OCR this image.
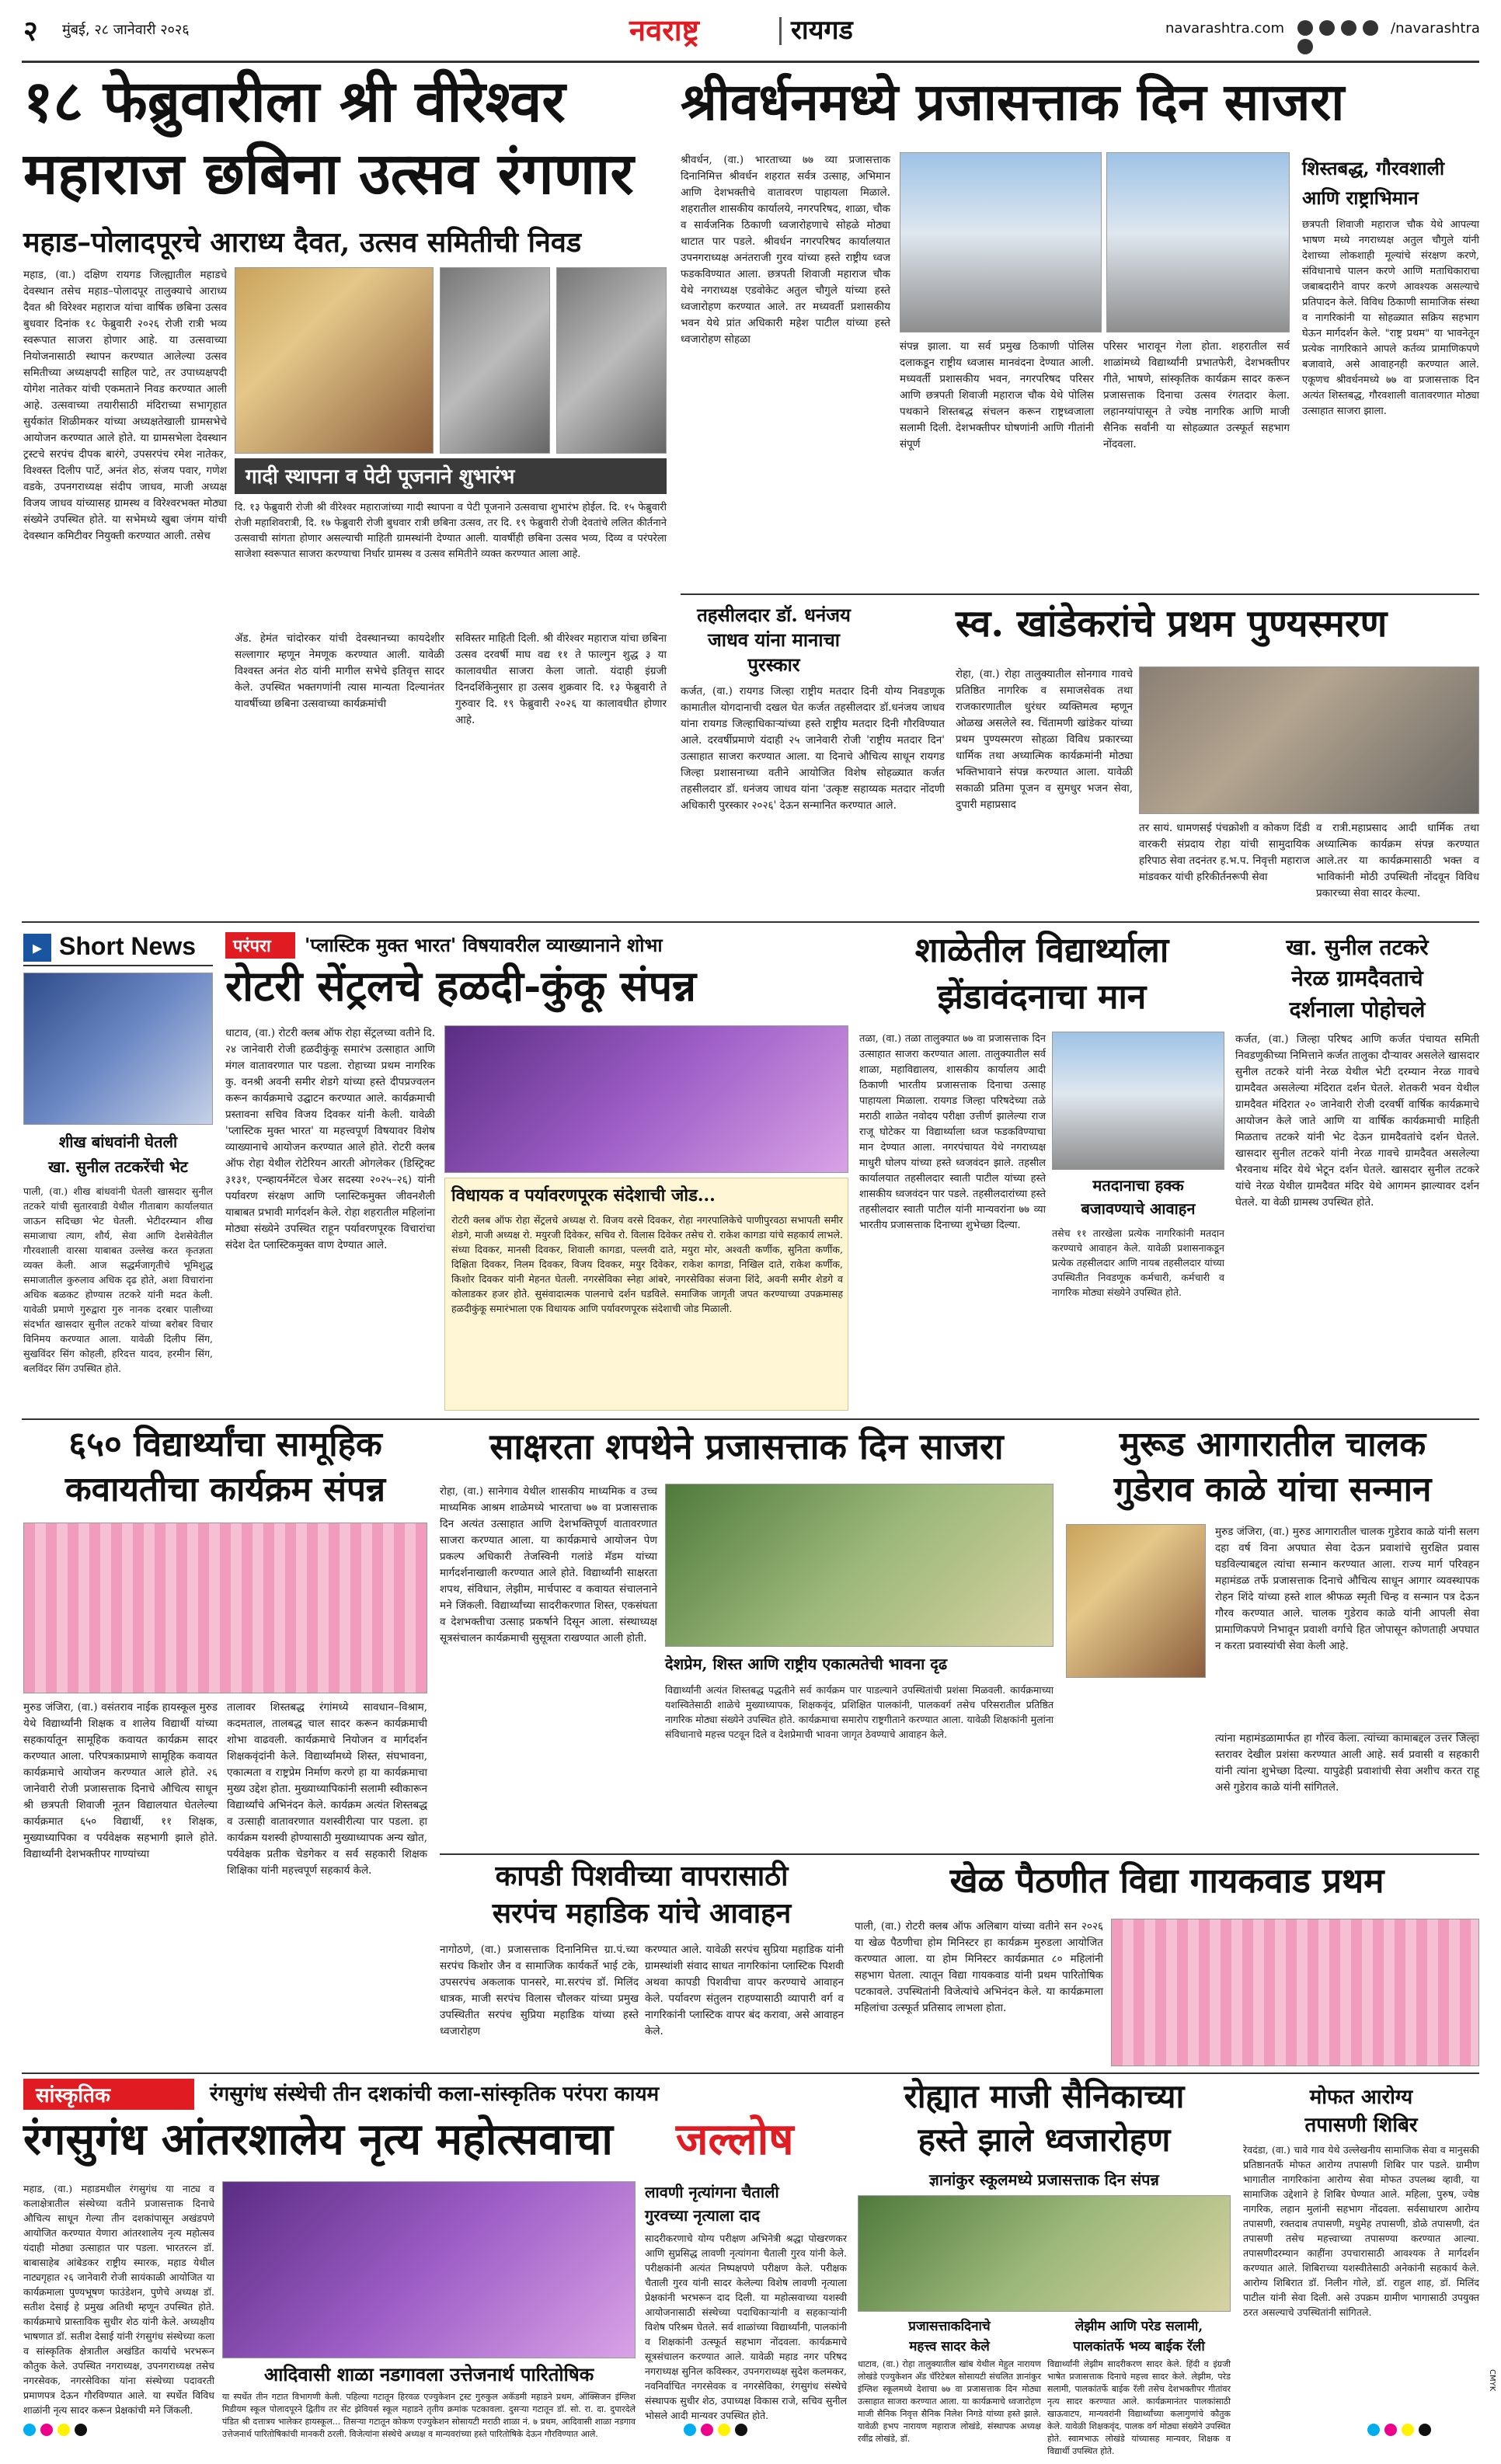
२	मुंबई, २८ जानेवारी २०२६	नवराष्ट्र	रायगड	navarashtra.com
	/navarashtra
१८ फेब्रुवारीला श्री वीरेश्वर
महाराज छबिना उत्सव रंगणार
महाड–पोलादपूरचे आराध्य दैवत, उत्सव समितीची निवड
महाड, (वा.) दक्षिण रायगड जिल्ह्यातील महाडचे देवस्थान तसेच महाड–पोलादपूर तालुक्याचे आराध्य दैवत श्री विरेश्वर महाराज यांचा वार्षिक छबिना उत्सव बुधवार दिनांक १८ फेब्रुवारी २०२६ रोजी रात्री भव्य स्वरूपात साजरा होणार आहे. या उत्सवाच्या नियोजनासाठी स्थापन करण्यात आलेल्या उत्सव समितीच्या अध्यक्षपदी साहिल पाटे, तर उपाध्यक्षपदी योगेश नातेकर यांची एकमताने निवड करण्यात आली आहे. उत्सवाच्या तयारीसाठी मंदिराच्या सभागृहात सुर्यकांत शिळीमकर यांच्या अध्यक्षतेखाली ग्रामसभेचे आयोजन करण्यात आले होते. या ग्रामसभेला देवस्थान ट्रस्टचे सरपंच दीपक बारंगे, उपसरपंच रमेश नातेकर, विश्वस्त दिलीप पार्टे, अनंत शेठ, संजय पवार, गणेश वडके, उपनगराध्यक्ष संदीप जाधव, माजी अध्यक्ष विजय जाधव यांच्यासह ग्रामस्थ व विरेश्वरभक्त मोठ्या संख्येने उपस्थित होते. या सभेमध्ये खुबा जंगम यांची देवस्थान कमिटीवर नियुक्ती करण्यात आली. तसेच
गादी स्थापना व पेटी पूजनाने शुभारंभ
दि. १३ फेब्रुवारी रोजी श्री वीरेश्वर महाराजांच्या गादी स्थापना व पेटी पूजनाने उत्सवाचा शुभारंभ होईल. दि. १५ फेब्रुवारी रोजी महाशिवरात्री, दि. १७ फेब्रुवारी रोजी बुधवार रात्री छबिना उत्सव, तर दि. १९ फेब्रुवारी रोजी देवतांचे ललित कीर्तनाने उत्सवाची सांगता होणार असल्याची माहिती ग्रामस्थांनी देण्यात आली. यावर्षीही छबिना उत्सव भव्य, दिव्य व परंपरेला साजेशा स्वरूपात साजरा करण्याचा निर्धार ग्रामस्थ व उत्सव समितीने व्यक्त करण्यात आला आहे.
ॲड. हेमंत चांदोरकर यांची देवस्थानच्या कायदेशीर सल्लागार म्हणून नेमणूक करण्यात आली. यावेळी विश्वस्त अनंत शेठ यांनी मागील सभेचे इतिवृत्त सादर केले. उपस्थित भक्तगणांनी त्यास मान्यता दिल्यानंतर यावर्षीच्या छबिना उत्सवाच्या कार्यक्रमांची
सविस्तर माहिती दिली. श्री वीरेश्वर महाराज यांचा छबिना उत्सव दरवर्षी माघ वद्य ११ ते फाल्गुन शुद्ध ३ या कालावधीत साजरा केला जातो. यंदाही इंग्रजी दिनदर्शिकेनुसार हा उत्सव शुक्रवार दि. १३ फेब्रुवारी ते गुरुवार दि. १९ फेब्रुवारी २०२६ या कालावधीत होणार आहे.
श्रीवर्धनमध्ये प्रजासत्ताक दिन साजरा
श्रीवर्धन, (वा.) भारताच्या ७७ व्या प्रजासत्ताक दिनानिमित्त श्रीवर्धन शहरात सर्वत्र उत्साह, अभिमान आणि देशभक्तीचे वातावरण पाहायला मिळाले. शहरातील शासकीय कार्यालये, नगरपरिषद, शाळा, चौक व सार्वजनिक ठिकाणी ध्वजारोहणाचे सोहळे मोठ्या थाटात पार पडले. श्रीवर्धन नगरपरिषद कार्यालयात उपनगराध्यक्ष अनंतराजी गुरव यांच्या हस्ते राष्ट्रीय ध्वज फडकविण्यात आला. छत्रपती शिवाजी महाराज चौक येथे नगराध्यक्ष एडवोकेट अतुल चौगुले यांच्या हस्ते ध्वजारोहण करण्यात आले. तर मध्यवर्ती प्रशासकीय भवन येथे प्रांत अधिकारी महेश पाटील यांच्या हस्ते ध्वजारोहण सोहळा
संपन्न झाला. या सर्व प्रमुख ठिकाणी पोलिस दलाकडून राष्ट्रीय ध्वजास मानवंदना देण्यात आली. मध्यवर्ती प्रशासकीय भवन, नगरपरिषद परिसर आणि छत्रपती शिवाजी महाराज चौक येथे पोलिस पथकाने शिस्तबद्ध संचलन करून राष्ट्रध्वजाला सलामी दिली. देशभक्तीपर घोषणांनी आणि गीतांनी संपूर्ण
परिसर भारावून गेला होता. शहरातील सर्व शाळांमध्ये विद्यार्थ्यांनी प्रभातफेरी, देशभक्तीपर गीते, भाषणे, सांस्कृतिक कार्यक्रम सादर करून प्रजासत्ताक दिनाचा उत्सव रंगतदार केला. लहानग्यांपासून ते ज्येष्ठ नागरिक आणि माजी सैनिक सर्वांनी या सोहळ्यात उत्स्फूर्त सहभाग नोंदवला.
शिस्तबद्ध, गौरवशाली
आणि राष्ट्राभिमान
छत्रपती शिवाजी महाराज चौक येथे आपल्या भाषण मध्ये नगराध्यक्ष अतुल चौगुले यांनी देशाच्या लोकशाही मूल्यांचे संरक्षण करणे, संविधानाचे पालन करणे आणि मताधिकाराचा जबाबदारीने वापर करणे आवश्यक असल्याचे प्रतिपादन केले. विविध ठिकाणी सामाजिक संस्था व नागरिकांनी या सोहळ्यात सक्रिय सहभाग घेऊन मार्गदर्शन केले. "राष्ट्र प्रथम" या भावनेतून प्रत्येक नागरिकाने आपले कर्तव्य प्रामाणिकपणे बजावावे, असे आवाहनही करण्यात आले. एकूणच श्रीवर्धनमध्ये ७७ वा प्रजासत्ताक दिन अत्यंत शिस्तबद्ध, गौरवशाली वातावरणात मोठ्या उत्साहात साजरा झाला.
तहसीलदार डॉ. धनंजय जाधव यांना मानाचा पुरस्कार
कर्जत, (वा.) रायगड जिल्हा राष्ट्रीय मतदार दिनी योग्य निवडणूक कामातील योगदानाची दखल घेत कर्जत तहसीलदार डॉ.धनंजय जाधव यांना रायगड जिल्हाधिकाऱ्यांच्या हस्ते राष्ट्रीय मतदार दिनी गौरविण्यात आले. दरवर्षीप्रमाणे यंदाही २५ जानेवारी रोजी 'राष्ट्रीय मतदार दिन' उत्साहात साजरा करण्यात आला. या दिनाचे औचित्य साधून रायगड जिल्हा प्रशासनाच्या वतीने आयोजित विशेष सोहळ्यात कर्जत तहसीलदार डॉ. धनंजय जाधव यांना 'उत्कृष्ट सहाय्यक मतदार नोंदणी अधिकारी पुरस्कार २०२६' देऊन सन्मानित करण्यात आले.
स्व. खांडेकरांचे प्रथम पुण्यस्मरण
रोहा, (वा.) रोहा तालुक्यातील सोनगाव गावचे प्रतिष्ठित नागरिक व समाजसेवक तथा राजकारणातील धुरंधर व्यक्तिमत्व म्हणून ओळख असलेले स्व. चिंतामणी खांडेकर यांच्या प्रथम पुण्यस्मरण सोहळा विविध प्रकारच्या धार्मिक तथा अध्यात्मिक कार्यक्रमांनी मोठ्या भक्तिभावाने संपन्न करण्यात आला. यावेळी सकाळी प्रतिमा पूजन व सुमधुर भजन सेवा, दुपारी महाप्रसाद
तर सायं. धामणसई पंचक्रोशी व कोकण दिंडी वारकरी संप्रदाय रोहा यांची सामुदायिक हरिपाठ सेवा तदनंतर ह.भ.प. निवृत्ती महाराज मांडवकर यांची हरिकीर्तनरूपी सेवा
व रात्री.महाप्रसाद आदी धार्मिक तथा अध्यात्मिक कार्यक्रम संपन्न करण्यात आले.तर या कार्यक्रमासाठी भक्त व भाविकांनी मोठी उपस्थिती नोंदवून विविध प्रकारच्या सेवा सादर केल्या.
▸ Short News
शीख बांधवांनी घेतली
खा. सुनील तटकरेंची भेट
पाली, (वा.) शीख बांधवांनी घेतली खासदार सुनील तटकरे यांची सुतारवाडी येथील गीताबाग कार्यालयात जाऊन सदिच्छा भेट घेतली. भेटीदरम्यान शीख समाजाचा त्याग, शौर्य, सेवा आणि देशसेवेतील गौरवशाली वारसा याबाबत उल्लेख करत कृतज्ञता व्यक्त केली. आज सद्धर्मजागृतीचे भूमिशुद्ध समाजातील कुरुलाव अधिक दृढ होते, अशा विचारांना अधिक बळकट होण्यास तटकरे यांनी मदत केली. यावेळी प्रमाणे गुरुद्वारा गुरु नानक दरबार पालीच्या संदर्भात खासदार सुनील तटकरे यांच्या बरोबर विचार विनिमय करण्यात आला. यावेळी दिलीप सिंग, सुखविंदर सिंग कोहली, हरिदत्त यादव, हरमीन सिंग, बलविंदर सिंग उपस्थित होते.
परंपरा	'प्लास्टिक मुक्त भारत' विषयावरील व्याख्यानाने शोभा
रोटरी सेंट्रलचे हळदी-कुंकू संपन्न
धाटाव, (वा.) रोटरी क्लब ऑफ रोहा सेंट्रलच्या वतीने दि. २४ जानेवारी रोजी हळदीकुंकू समारंभ उत्साहात आणि मंगल वातावरणात पार पडला. रोहाच्या प्रथम नागरिक कु. वनश्री अवनी समीर शेडगे यांच्या हस्ते दीपप्रज्वलन करून कार्यक्रमाचे उद्घाटन करण्यात आले. कार्यक्रमाची प्रस्तावना सचिव विजय दिवकर यांनी केली. यावेळी 'प्लास्टिक मुक्त भारत' या महत्त्वपूर्ण विषयावर विशेष व्याख्यानाचे आयोजन करण्यात आले होते. रोटरी क्लब ऑफ रोहा येथील रोटेरियन आरती ओगलेकर (डिस्ट्रिक्ट ३१३१, एन्व्हायर्नमेंटल चेअर सदस्या २०२५–२६) यांनी पर्यावरण संरक्षण आणि प्लास्टिकमुक्त जीवनशैली याबाबत प्रभावी मार्गदर्शन केले. रोहा शहरातील महिलांना मोठ्या संख्येने उपस्थित राहून पर्यावरणपूरक विचारांचा संदेश देत प्लास्टिकमुक्त वाण देण्यात आले.
विधायक व पर्यावरणपूरक संदेशाची जोड...
रोटरी क्लब ऑफ रोहा सेंट्रलचे अध्यक्ष रो. विजय वरसे दिवकर, रोहा नगरपालिकेचे पाणीपुरवठा सभापती समीर शेडगे, माजी अध्यक्ष रो. मयुरजी दिवेकर, सचिव रो. विलास दिवेकर तसेच रो. राकेश कागडा यांचे सहकार्य लाभले. संध्या दिवकर, मानसी दिवकर, शिवाली कागडा, पल्लवी दाते, मयुरा मोर, अश्वती कर्णीक, सुनिता कर्णीक, दिक्षिता दिवकर, निलम दिवकर, विजय दिवकर, मयुर दिवेकर, राकेश कागडा, निखिल दाते, राकेश कर्णीक, किशोर दिवकर यांनी मेहनत घेतली. नगरसेविका स्नेहा आंबरे, नगरसेविका संजना शिंदे, अवनी समीर शेडगे व कोलाडकर हजर होते. सुसंवादात्मक पालनाचे दर्शन घडविले. समाजिक जागृती जपत करण्याच्या उपक्रमासह हळदीकुंकू समारंभाला एक विधायक आणि पर्यावरणपूरक संदेशाची जोड मिळाली.
शाळेतील विद्यार्थ्याला
झेंडावंदनाचा मान
तळा, (वा.) तळा तालुक्यात ७७ वा प्रजासत्ताक दिन उत्साहात साजरा करण्यात आला. तालुक्यातील सर्व शाळा, महाविद्यालय, शासकीय कार्यालय आदी ठिकाणी भारतीय प्रजासत्ताक दिनाचा उत्साह पाहायला मिळाला. रायगड जिल्हा परिषदेच्या तळे मराठी शाळेत नवोदय परीक्षा उत्तीर्ण झालेल्या राज राजू घोटेकर या विद्यार्थ्याला ध्वज फडकविण्याचा मान देण्यात आला. नगरपंचायत येथे नगराध्यक्ष माधुरी घोलप यांच्या हस्ते ध्वजवंदन झाले. तहसील कार्यालयात तहसीलदार स्वाती पाटील यांच्या हस्ते शासकीय ध्वजवंदन पार पडले. तहसीलदारांच्या हस्ते तहसीलदार स्वाती पाटील यांनी मान्यवरांना ७७ व्या भारतीय प्रजासत्ताक दिनाच्या शुभेच्छा दिल्या.
मतदानाचा हक्क
बजावण्याचे आवाहन
तसेच ११ तारखेला प्रत्येक नागरिकांनी मतदान करण्याचे आवाहन केले. यावेळी प्रशासनाकडून प्रत्येक तहसीलदार आणि नायब तहसीलदार यांच्या उपस्थितीत निवडणूक कर्मचारी, कर्मचारी व नागरिक मोठ्या संख्येने उपस्थित होते.
खा. सुनील तटकरे
नेरळ ग्रामदैवताचे
दर्शनाला पोहोचले
कर्जत, (वा.) जिल्हा परिषद आणि कर्जत पंचायत समिती निवडणुकीच्या निमित्ताने कर्जत तालुका दौऱ्यावर असलेले खासदार सुनील तटकरे यांनी नेरळ येथील भेटी दरम्यान नेरळ गावचे ग्रामदैवत असलेल्या मंदिरात दर्शन घेतले. शेतकरी भवन येथील ग्रामदैवत मंदिरात २० जानेवारी रोजी दरवर्षी वार्षिक कार्यक्रमाचे आयोजन केले जाते आणि या वार्षिक कार्यक्रमाची माहिती मिळताच तटकरे यांनी भेट देऊन ग्रामदैवतांचे दर्शन घेतले. खासदार सुनील तटकरे यांनी नेरळ गावचे ग्रामदैवत असलेल्या भैरवनाथ मंदिर येथे भेटून दर्शन घेतले. खासदार सुनील तटकरे यांचे नेरळ येथील ग्रामदैवत मंदिर येथे आगमन झाल्यावर दर्शन घेतले. या वेळी ग्रामस्थ उपस्थित होते.
६५० विद्यार्थ्यांचा सामूहिक
कवायतीचा कार्यक्रम संपन्न
मुरुड जंजिरा, (वा.) वसंतराव नाईक हायस्कूल मुरुड येथे विद्यार्थ्यांनी शिक्षक व शालेय विद्यार्थी यांच्या सहकार्यातून सामूहिक कवायत कार्यक्रम सादर करण्यात आला. परिपत्रकाप्रमाणे सामूहिक कवायत कार्यक्रमाचे आयोजन करण्यात आले होते. २६ जानेवारी रोजी प्रजासत्ताक दिनाचे औचित्य साधून श्री छत्रपती शिवाजी नूतन विद्यालयात घेतलेल्या कार्यक्रमात ६५० विद्यार्थी, ११ शिक्षक, मुख्याध्यापिका व पर्यवेक्षक सहभागी झाले होते. विद्यार्थ्यांनी देशभक्तीपर गाण्यांच्या
तालावर शिस्तबद्ध रंगांमध्ये सावधान–विश्राम, कदमताल, तालबद्ध चाल सादर करून कार्यक्रमाची शोभा वाढवली. कार्यक्रमाचे नियोजन व मार्गदर्शन शिक्षकवृंदांनी केले. विद्यार्थ्यांमध्ये शिस्त, संघभावना, एकात्मता व राष्ट्रप्रेम निर्माण करणे हा या कार्यक्रमाचा मुख्य उद्देश होता. मुख्याध्यापिकांनी सलामी स्वीकारून विद्यार्थ्यांचे अभिनंदन केले. कार्यक्रम अत्यंत शिस्तबद्ध व उत्साही वातावरणात यशस्वीरीत्या पार पडला. हा कार्यक्रम यशस्वी होण्यासाठी मुख्याध्यापक अन्य खोत, पर्यवेक्षक प्रतीक चेडगेकर व सर्व सहकारी शिक्षक शिक्षिका यांनी महत्त्वपूर्ण सहकार्य केले.
साक्षरता शपथेने प्रजासत्ताक दिन साजरा
रोहा, (वा.) सानेगाव येथील शासकीय माध्यमिक व उच्च माध्यमिक आश्रम शाळेमध्ये भारताचा ७७ वा प्रजासत्ताक दिन अत्यंत उत्साहात आणि देशभक्तिपूर्ण वातावरणात साजरा करण्यात आला. या कार्यक्रमाचे आयोजन पेण प्रकल्प अधिकारी तेजस्विनी गलांडे मॅडम यांच्या मार्गदर्शनाखाली करण्यात आले होते. विद्यार्थ्यांनी साक्षरता शपथ, संविधान, लेझीम, मार्चपास्ट व कवायत संचालनाने मने जिंकली. विद्यार्थ्यांच्या सादरीकरणात शिस्त, एकसंघता व देशभक्तीचा उत्साह प्रकर्षाने दिसून आला. संस्थाध्यक्ष सूत्रसंचालन कार्यक्रमाची सुसूत्रता राखण्यात आली होती.
देशप्रेम, शिस्त आणि राष्ट्रीय एकात्मतेची भावना दृढ
विद्यार्थ्यांनी अत्यंत शिस्तबद्ध पद्धतीने सर्व कार्यक्रम पार पाडल्याने उपस्थितांची प्रशंसा मिळवली. कार्यक्रमाच्या यशस्वितेसाठी शाळेचे मुख्याध्यापक, शिक्षकवृंद, प्रशिक्षित पालकांनी, पालकवर्ग तसेच परिसरातील प्रतिष्ठित नागरिक मोठ्या संख्येने उपस्थित होते. कार्यक्रमाचा समारोप राष्ट्रगीताने करण्यात आला. यावेळी शिक्षकांनी मुलांना संविधानाचे महत्त्व पटवून दिले व देशप्रेमाची भावना जागृत ठेवण्याचे आवाहन केले.
मुरूड आगारातील चालक
गुडेराव काळे यांचा सन्मान
मुरुड जंजिरा, (वा.) मुरुड आगारातील चालक गुडेराव काळे यांनी सलग दहा वर्ष विना अपघात सेवा देऊन प्रवाशांचे सुरक्षित प्रवास घडविल्याबद्दल त्यांचा सन्मान करण्यात आला. राज्य मार्ग परिवहन महामंडळ तर्फे प्रजासत्ताक दिनाचे औचित्य साधून आगार व्यवस्थापक रोहन शिंदे यांच्या हस्ते शाल श्रीफळ स्मृती चिन्ह व सन्मान पत्र देऊन गौरव करण्यात आले. चालक गुडेराव काळे यांनी आपली सेवा प्रामाणिकपणे निभावून प्रवाशी वर्गाचे हित जोपासून कोणताही अपघात न करता प्रवास्यांची सेवा केली आहे.
त्यांना महामंडळामार्फत हा गौरव केला. त्यांच्या कामाबद्दल उत्तर जिल्हा स्तरावर देखील प्रशंसा करण्यात आली आहे. सर्व प्रवासी व सहकारी यांनी त्यांना शुभेच्छा दिल्या. यापुढेही प्रवाशांची सेवा अशीच करत राहू असे गुडेराव काळे यांनी सांगितले.
कापडी पिशवीच्या वापरासाठी
सरपंच महाडिक यांचे आवाहन
नागोठणे, (वा.) प्रजासत्ताक दिनानिमित्त ग्रा.पं.च्या सरपंच किशोर जैन व सामाजिक कार्यकर्ते भाई टके, उपसरपंच अकलाक पानसरे, मा.सरपंच डॉ. मिलिंद धात्रक, माजी सरपंच विलास चौलकर यांच्या प्रमुख उपस्थितीत सरपंच सुप्रिया महाडिक यांच्या हस्ते ध्वजारोहण
करण्यात आले. यावेळी सरपंच सुप्रिया महाडिक यांनी ग्रामस्थांशी संवाद साधत नागरिकांना प्लास्टिक पिशवी अथवा कापडी पिशवीचा वापर करण्याचे आवाहन केले. पर्यावरण संतुलन राहण्यासाठी व्यापारी वर्ग व नागरिकांनी प्लास्टिक वापर बंद करावा, असे आवाहन केले.
खेळ पैठणीत विद्या गायकवाड प्रथम
पाली, (वा.) रोटरी क्लब ऑफ अलिबाग यांच्या वतीने सन २०२६ या खेळ पैठणीचा होम मिनिस्टर हा कार्यक्रम मुरुडला आयोजित करण्यात आला. या होम मिनिस्टर कार्यक्रमात ८० महिलांनी सहभाग घेतला. त्यातून विद्या गायकवाड यांनी प्रथम पारितोषिक पटकावले. उपस्थितांनी विजेत्यांचे अभिनंदन केले. या कार्यक्रमाला महिलांचा उत्स्फूर्त प्रतिसाद लाभला होता.
सांस्कृतिक	रंगसुगंध संस्थेची तीन दशकांची कला-सांस्कृतिक परंपरा कायम
रंगसुगंध आंतरशालेय नृत्य महोत्सवाचा	जल्लोष
महाड, (वा.) महाडमधील रंगसुगंध या नाट्य व कलाक्षेत्रातील संस्थेच्या वतीने प्रजासत्ताक दिनाचे औचित्य साधून गेल्या तीन दशकांपासून अखंडपणे आयोजित करण्यात येणारा आंतरशालेय नृत्य महोत्सव यंदाही मोठ्या उत्साहात पार पडला. भारतरत्न डॉ. बाबासाहेब आंबेडकर राष्ट्रीय स्मारक, महाड येथील नाट्यगृहात २६ जानेवारी रोजी सायंकाळी आयोजित या कार्यक्रमाला पुण्यभूषण फाउंडेशन, पुणेचे अध्यक्ष डॉ. सतीश देसाई हे प्रमुख अतिथी म्हणून उपस्थित होते. कार्यक्रमाचे प्रास्ताविक सुधीर शेठ यांनी केले. अध्यक्षीय भाषणात डॉ. सतीश देसाई यांनी रंगसुगंध संस्थेच्या कला व सांस्कृतिक क्षेत्रातील अखंडित कार्याचे भरभरून कौतुक केले. उपस्थित नगराध्यक्ष, उपनगराध्यक्ष तसेच नगरसेवक, नगरसेविका यांना संस्थेच्या पदावरती प्रमाणपत्र देऊन गौरविण्यात आले. या स्पर्धेत विविध शाळांनी नृत्य सादर करून प्रेक्षकांची मने जिंकली.
आदिवासी शाळा नडगावला उत्तेजनार्थ पारितोषिक
या स्पर्धेत तीन गटात विभागणी केली. पहिल्या गटातून हिरवळ एज्युकेशन ट्रस्ट गुरुकुल अकॅडमी महाडने प्रथम, ऑक्सिजन इंग्लिश मिडीयम स्कूल पोलादपूरने द्वितीय तर सेंट झेवियर्स स्कूल महाडने तृतीय क्रमांक पटकावला. दुसऱ्या गटातून डॉ. सो. रा. दा. दुपारदेले पंडित श्री दत्तात्रय भालेकर हायस्कूल... तिसऱ्या गटातून कोकण एज्युकेशन सोसायटी मराठी शाळा नं. ७ प्रथम, आदिवासी शाळा नडगाव उत्तेजनार्थ पारितोषिकांची मानकरी ठरली. विजेत्यांना संस्थेचे अध्यक्ष व मान्यवरांच्या हस्ते पारितोषिके देऊन गौरविण्यात आले.
लावणी नृत्यांगना चैताली
गुरवच्या नृत्याला दाद
सादरीकरणाचे योग्य परीक्षण अभिनेत्री श्रद्धा पोखरणकर आणि सुप्रसिद्ध लावणी नृत्यांगना चैताली गुरव यांनी केले. परीक्षकांनी अत्यंत निष्पक्षपणे परीक्षण केले. परीक्षक चैताली गुरव यांनी सादर केलेल्या विशेष लावणी नृत्याला प्रेक्षकांनी भरभरून दाद दिली. या महोत्सवाच्या यशस्वी आयोजनासाठी संस्थेच्या पदाधिकाऱ्यांनी व सहकाऱ्यांनी विशेष परिश्रम घेतले. सर्व शाळांच्या विद्यार्थ्यांनी, पालकांनी व शिक्षकांनी उत्स्फूर्त सहभाग नोंदवला. कार्यक्रमाचे सूत्रसंचालन करण्यात आले. यावेळी महाड नगर परिषद नगराध्यक्ष सुनिल कविस्कर, उपनगराध्यक्ष सुदेश कलमकर, नवनिर्वाचित नगरसेवक व नगरसेविका, रंगसुगंध संस्थेचे संस्थापक सुधीर शेठ, उपाध्यक्ष विकास राजे, सचिव सुनील भोसले आदी मान्यवर उपस्थित होते.
रोह्यात माजी सैनिकाच्या
हस्ते झाले ध्वजारोहण
ज्ञानांकुर स्कूलमध्ये प्रजासत्ताक दिन संपन्न
प्रजासत्ताकदिनाचे
महत्त्व सादर केले
धाटाव, (वा.) रोहा तालुक्यातील खांब येथील मेहुल नारायण लोखंडे एज्युकेशन अँड चॅरिटेबल सोसायटी संचलित ज्ञानांकुर इंग्लिश स्कूलमध्ये देशाचा ७७ वा प्रजासत्ताक दिन मोठ्या उत्साहात साजरा करण्यात आला. या कार्यक्रमाचे ध्वजारोहण माजी सैनिक निवृत्त सैनिक निलेश निगडे यांच्या हस्ते झाले. यावेळी हभप नारायण महाराज लोखंडे, संस्थापक अध्यक्ष रवींद्र लोखंडे, डॉ.
लेझीम आणि परेड सलामी,
पालकांतर्फे भव्य बाईक रॅली
विद्यार्थ्यांनी लेझीम सादरीकरण सादर केले. हिंदी व इंग्रजी भाषेत प्रजासत्ताक दिनाचे महत्त्व सादर केले. लेझीम, परेड सलामी, पालकांतर्फे बाईक रॅली तसेच देशभक्तीपर गीतांवर नृत्य सादर करण्यात आले. कार्यक्रमानंतर पालकांसाठी खाऊवाटप, मान्यवरांनी विद्यार्थ्यांच्या कलागुणांचे कौतुक केले. यावेळी शिक्षकवृंद, पालक वर्ग मोठ्या संख्येने उपस्थित होते. स्वामभाऊ लोखंडे यांच्यासह मान्यवर, शिक्षक व विद्यार्थी उपस्थित होते.
मोफत आरोग्य
तपासणी शिबिर
रेवदंडा, (वा.) चावे गाव येथे उल्लेखनीय सामाजिक सेवा व मानुसकी प्रतिष्ठानतर्फे मोफत आरोग्य तपासणी शिबिर पार पडले. ग्रामीण भागातील नागरिकांना आरोग्य सेवा मोफत उपलब्ध व्हावी, या सामाजिक उद्देशाने हे शिबिर घेण्यात आले. महिला, पुरुष, ज्येष्ठ नागरिक, लहान मुलांनी सहभाग नोंदवला. सर्वसाधारण आरोग्य तपासणी, रक्तदाब तपासणी, मधुमेह तपासणी, डोळे तपासणी, दंत तपासणी तसेच महत्त्वाच्या तपासण्या करण्यात आल्या. तपासणीदरम्यान काहींना उपचारासाठी आवश्यक ते मार्गदर्शन करण्यात आले. शिबिराच्या यशस्वीतेसाठी अनेकांनी सहकार्य केले. आरोग्य शिबिरात डॉ. निलीन गोले, डॉ. राहुल शाह, डॉ. मिलिंद पाटील यांनी सेवा दिली. असे उपक्रम ग्रामीण भागासाठी उपयुक्त ठरत असल्याचे उपस्थितांनी सांगितले.
CMYK
